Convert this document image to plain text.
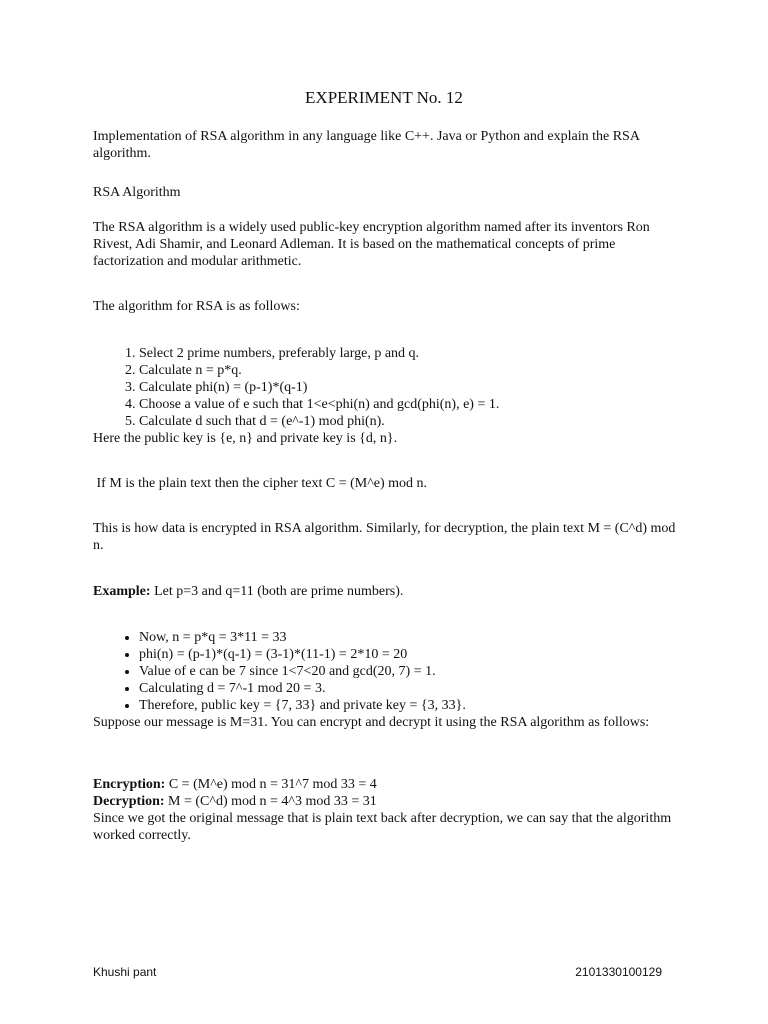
EXPERIMENT No. 12

Implementation of RSA algorithm in any language like C++. Java or Python and explain the RSA algorithm.

RSA Algorithm

The RSA algorithm is a widely used public-key encryption algorithm named after its inventors Ron Rivest, Adi Shamir, and Leonard Adleman. It is based on the mathematical concepts of prime factorization and modular arithmetic.

The algorithm for RSA is as follows:

1. Select 2 prime numbers, preferably large, p and q.
2. Calculate n = p*q.
3. Calculate phi(n) = (p-1)*(q-1)
4. Choose a value of e such that 1<e<phi(n) and gcd(phi(n), e) = 1.
5. Calculate d such that d = (e^-1) mod phi(n).

Here the public key is {e, n} and private key is {d, n}.

If M is the plain text then the cipher text C = (M^e) mod n.

This is how data is encrypted in RSA algorithm. Similarly, for decryption, the plain text M = (C^d) mod n.

Example: Let p=3 and q=11 (both are prime numbers).

• Now, n = p*q = 3*11 = 33
• phi(n) = (p-1)*(q-1) = (3-1)*(11-1) = 2*10 = 20
• Value of e can be 7 since 1<7<20 and gcd(20, 7) = 1.
• Calculating d = 7^-1 mod 20 = 3.
• Therefore, public key = {7, 33} and private key = {3, 33}.

Suppose our message is M=31. You can encrypt and decrypt it using the RSA algorithm as follows:

Encryption: C = (M^e) mod n = 31^7 mod 33 = 4

Decryption: M = (C^d) mod n = 4^3 mod 33 = 31

Since we got the original message that is plain text back after decryption, we can say that the algorithm worked correctly.

Khushi pant	2101330100129
